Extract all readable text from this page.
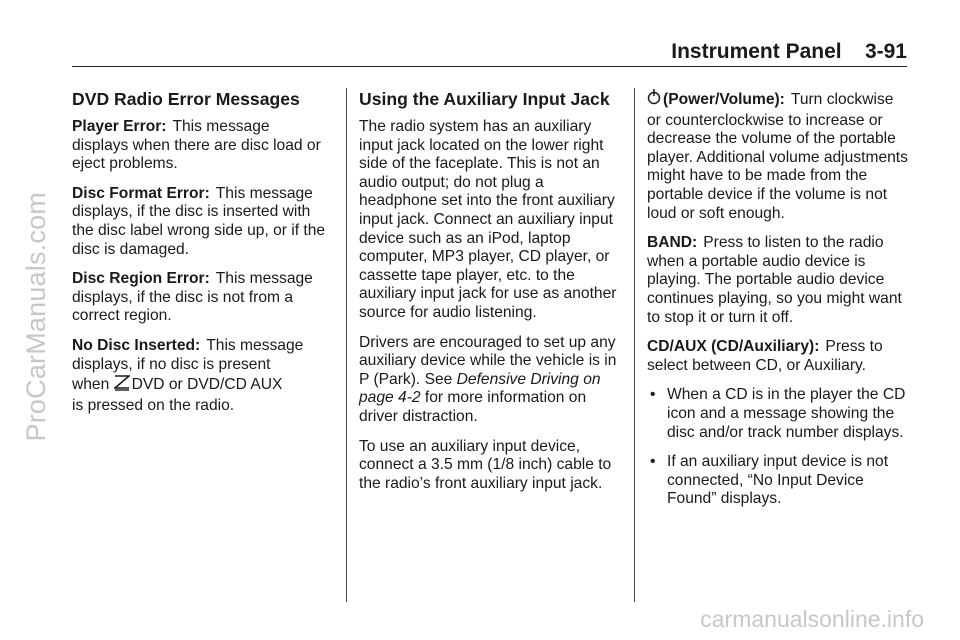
Instrument Panel    3-91
ProCarManuals.com
carmanualsonline.info
DVD Radio Error Messages

Player Error: This message displays when there are disc load or eject problems.

Disc Format Error: This message displays, if the disc is inserted with the disc label wrong side up, or if the disc is damaged.

Disc Region Error: This message displays, if the disc is not from a correct region.

No Disc Inserted: This message displays, if no disc is present
when DVD or DVD/CD AUX
is pressed on the radio.

Using the Auxiliary Input Jack

The radio system has an auxiliary input jack located on the lower right side of the faceplate. This is not an audio output; do not plug a headphone set into the front auxiliary input jack. Connect an auxiliary input device such as an iPod, laptop computer, MP3 player, CD player, or cassette tape player, etc. to the auxiliary input jack for use as another source for audio listening.

Drivers are encouraged to set up any auxiliary device while the vehicle is in P (Park). See Defensive Driving on page 4‑2 for more information on driver distraction.

To use an auxiliary input device, connect a 3.5 mm (1/8 inch) cable to the radio’s front auxiliary input jack.

(Power/Volume): Turn clockwise or counterclockwise to increase or decrease the volume of the portable player. Additional volume adjustments might have to be made from the portable device if the volume is not loud or soft enough.

BAND: Press to listen to the radio when a portable audio device is playing. The portable audio device continues playing, so you might want to stop it or turn it off.

CD/AUX (CD/Auxiliary): Press to select between CD, or Auxiliary.

• When a CD is in the player the CD icon and a message showing the disc and/or track number displays.
• If an auxiliary input device is not connected, “No Input Device Found” displays.
